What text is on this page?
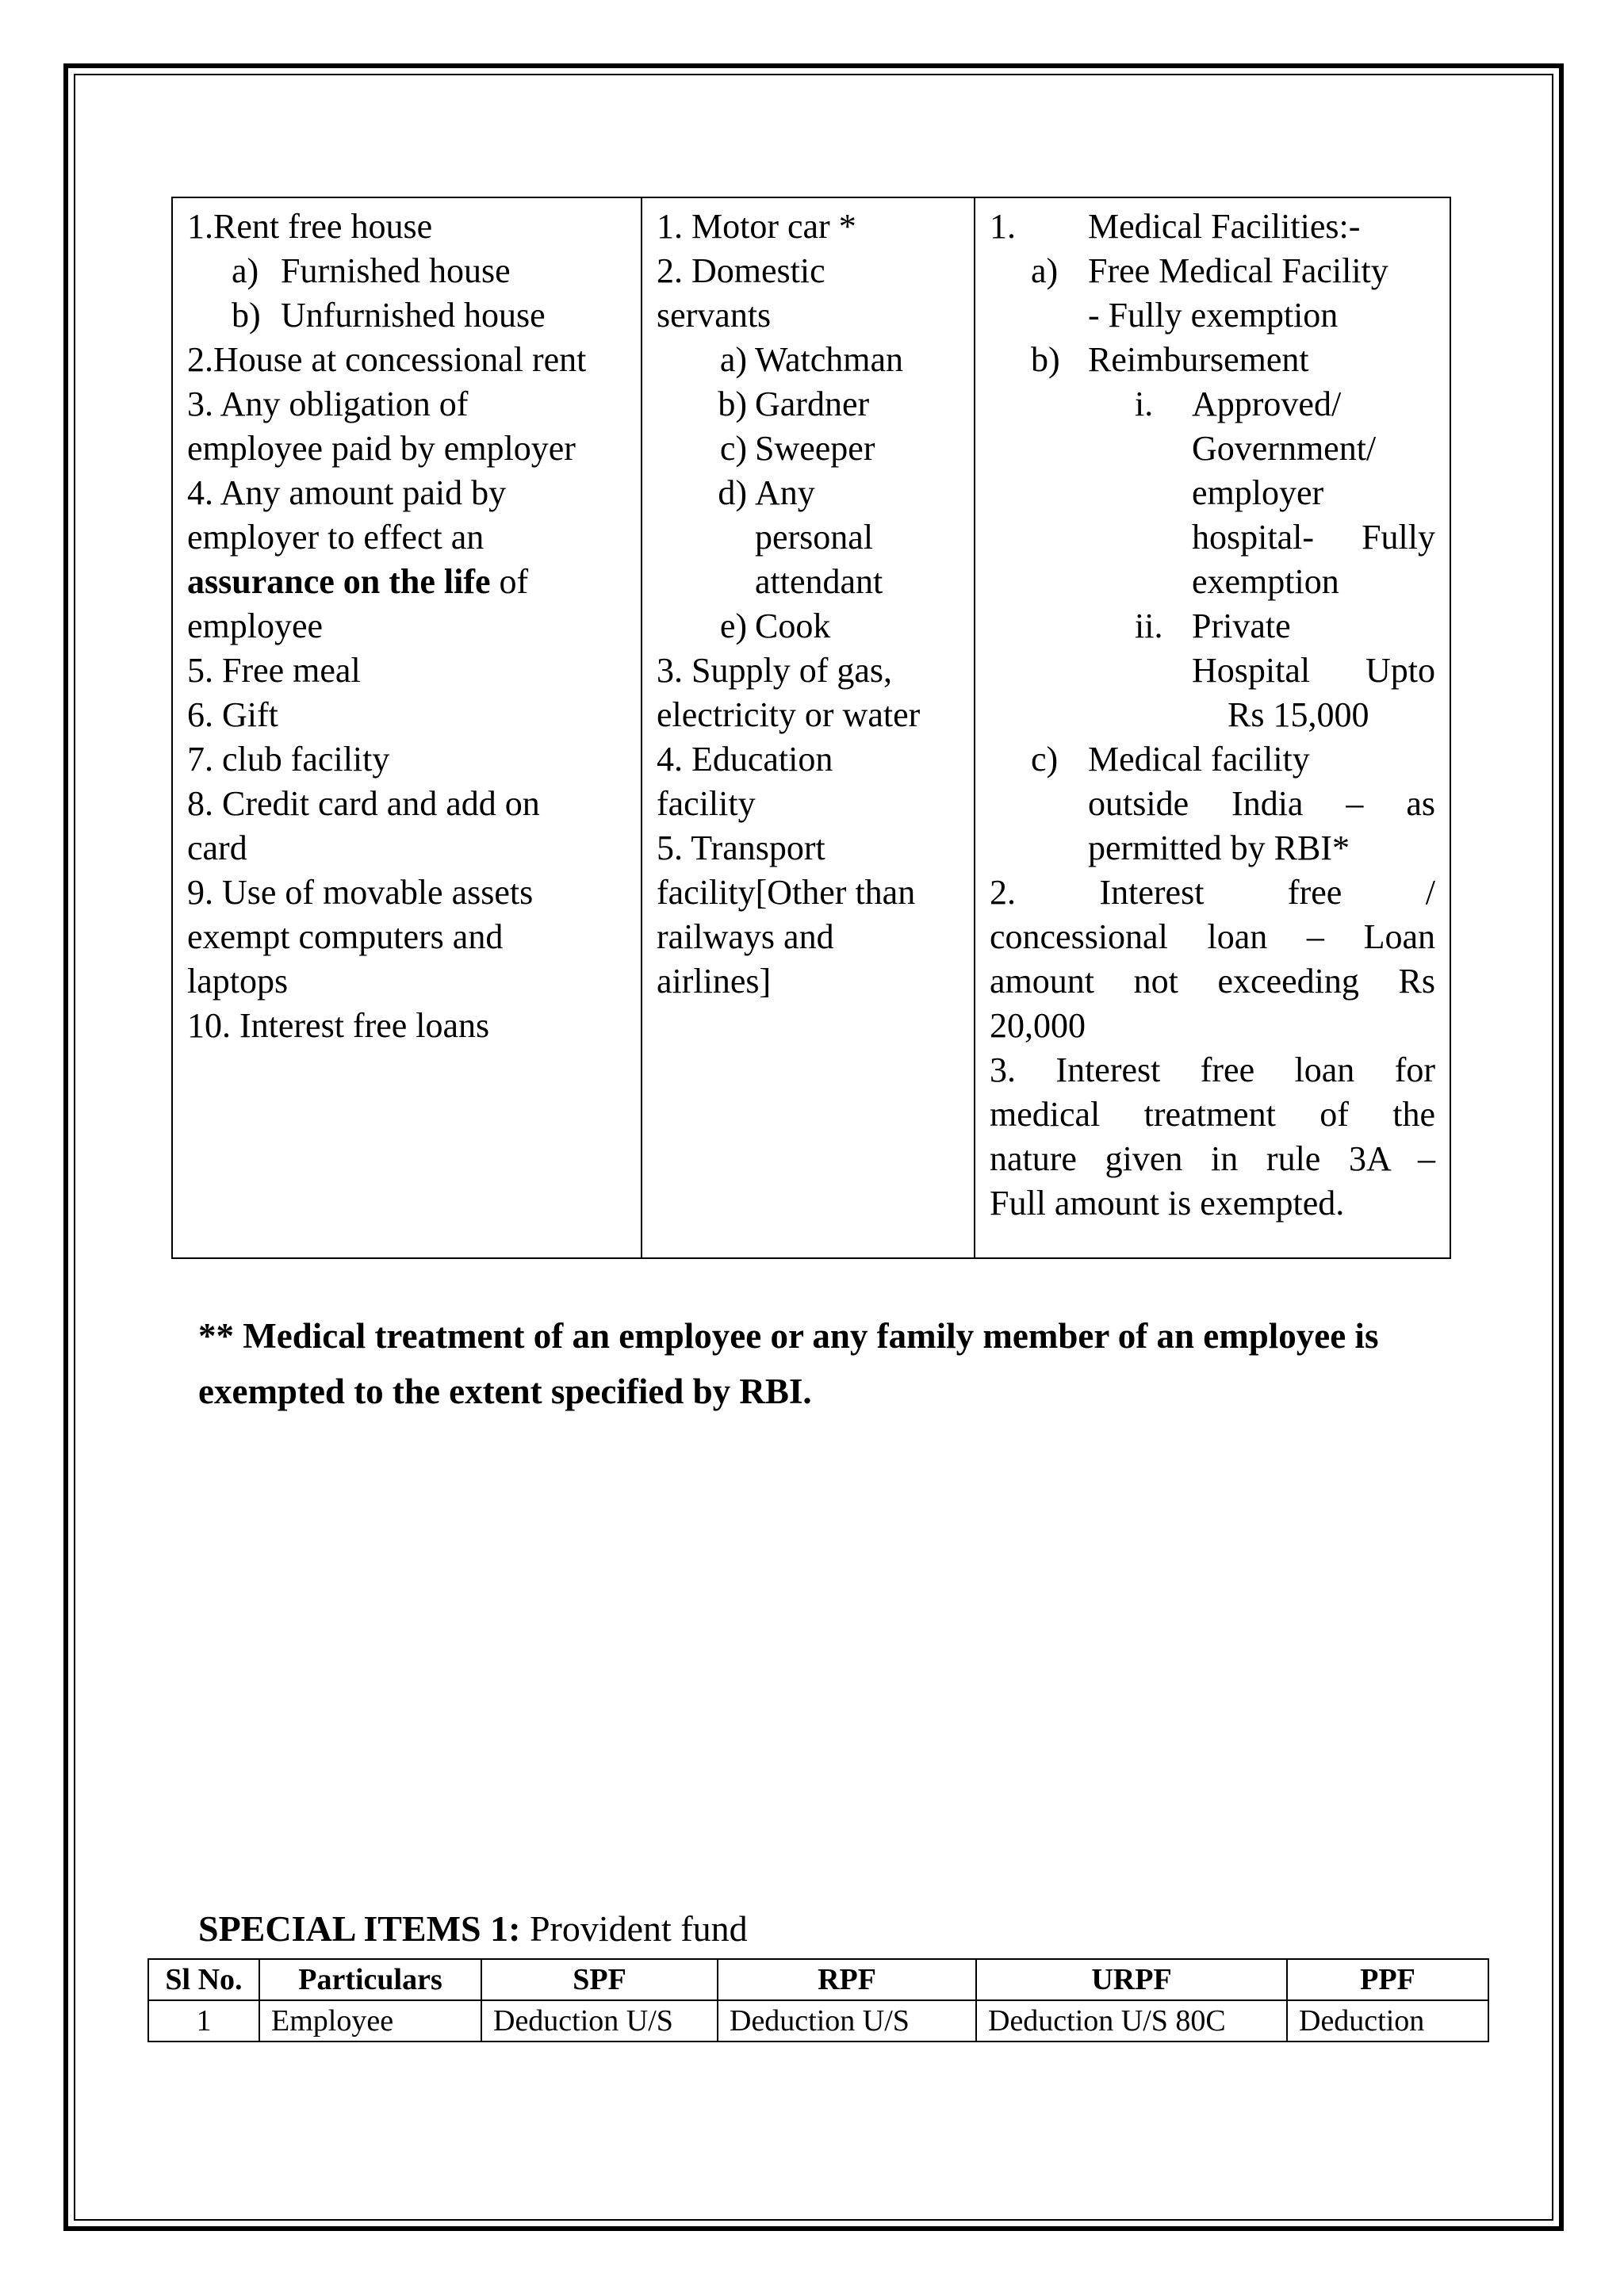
1.Rent free house
a) Furnished house
b) Unfurnished house
2.House at concessional rent
3. Any obligation of
employee paid by employer
4. Any amount paid by
employer to effect an
assurance on the life of
employee
5. Free meal
6. Gift
7. club facility
8. Credit card and add on
card
9. Use of movable assets
exempt computers and
laptops
10. Interest free loans

1. Motor car *
2. Domestic
servants
a) Watchman
b) Gardner
c) Sweeper
d) Any
personal
attendant
e) Cook
3. Supply of gas,
electricity or water
4. Education
facility
5. Transport
facility[Other than
railways and
airlines]

1. Medical Facilities:-
a) Free Medical Facility
- Fully exemption
b) Reimbursement
i. Approved/
Government/
employer
hospital- Fully
exemption
ii. Private
Hospital Upto
Rs 15,000
c) Medical facility
outside India – as
permitted by RBI*
2. Interest free /
concessional loan – Loan
amount not exceeding Rs
20,000
3. Interest free loan for
medical treatment of the
nature given in rule 3A –
Full amount is exempted.
** Medical treatment of an employee or any family member of an employee is exempted to the extent specified by RBI.
SPECIAL ITEMS 1: Provident fund
Sl No.	Particulars	SPF	RPF	URPF	PPF
1	Employee	Deduction U/S	Deduction U/S	Deduction U/S 80C	Deduction
